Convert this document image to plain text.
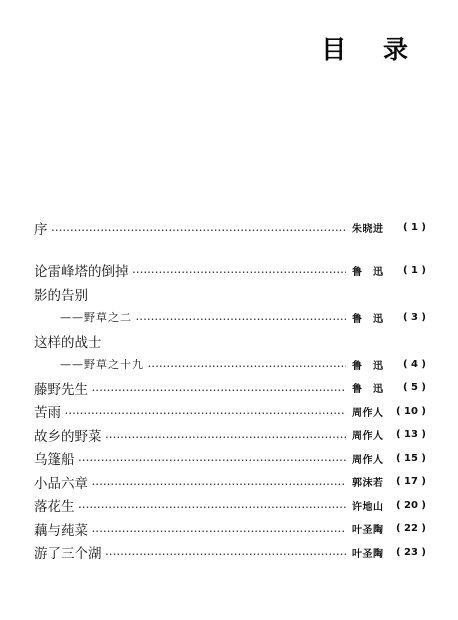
目 录
序 ·····	朱晓进	( 1 )
论雷峰塔的倒掉 ·····	鲁　迅	( 1 )
影的告别
——野草之二 ·····	鲁　迅	( 3 )
这样的战士
——野草之十九 ·····	鲁　迅	( 4 )
藤野先生 ·····	鲁　迅	( 5 )
苦雨 ·····	周作人	( 10 )
故乡的野菜 ·····	周作人	( 13 )
乌篷船 ·····	周作人	( 15 )
小品六章 ·····	郭沫若	( 17 )
落花生 ·····	许地山	( 20 )
藕与莼菜 ·····	叶圣陶	( 22 )
游了三个湖 ·····	叶圣陶	( 23 )
